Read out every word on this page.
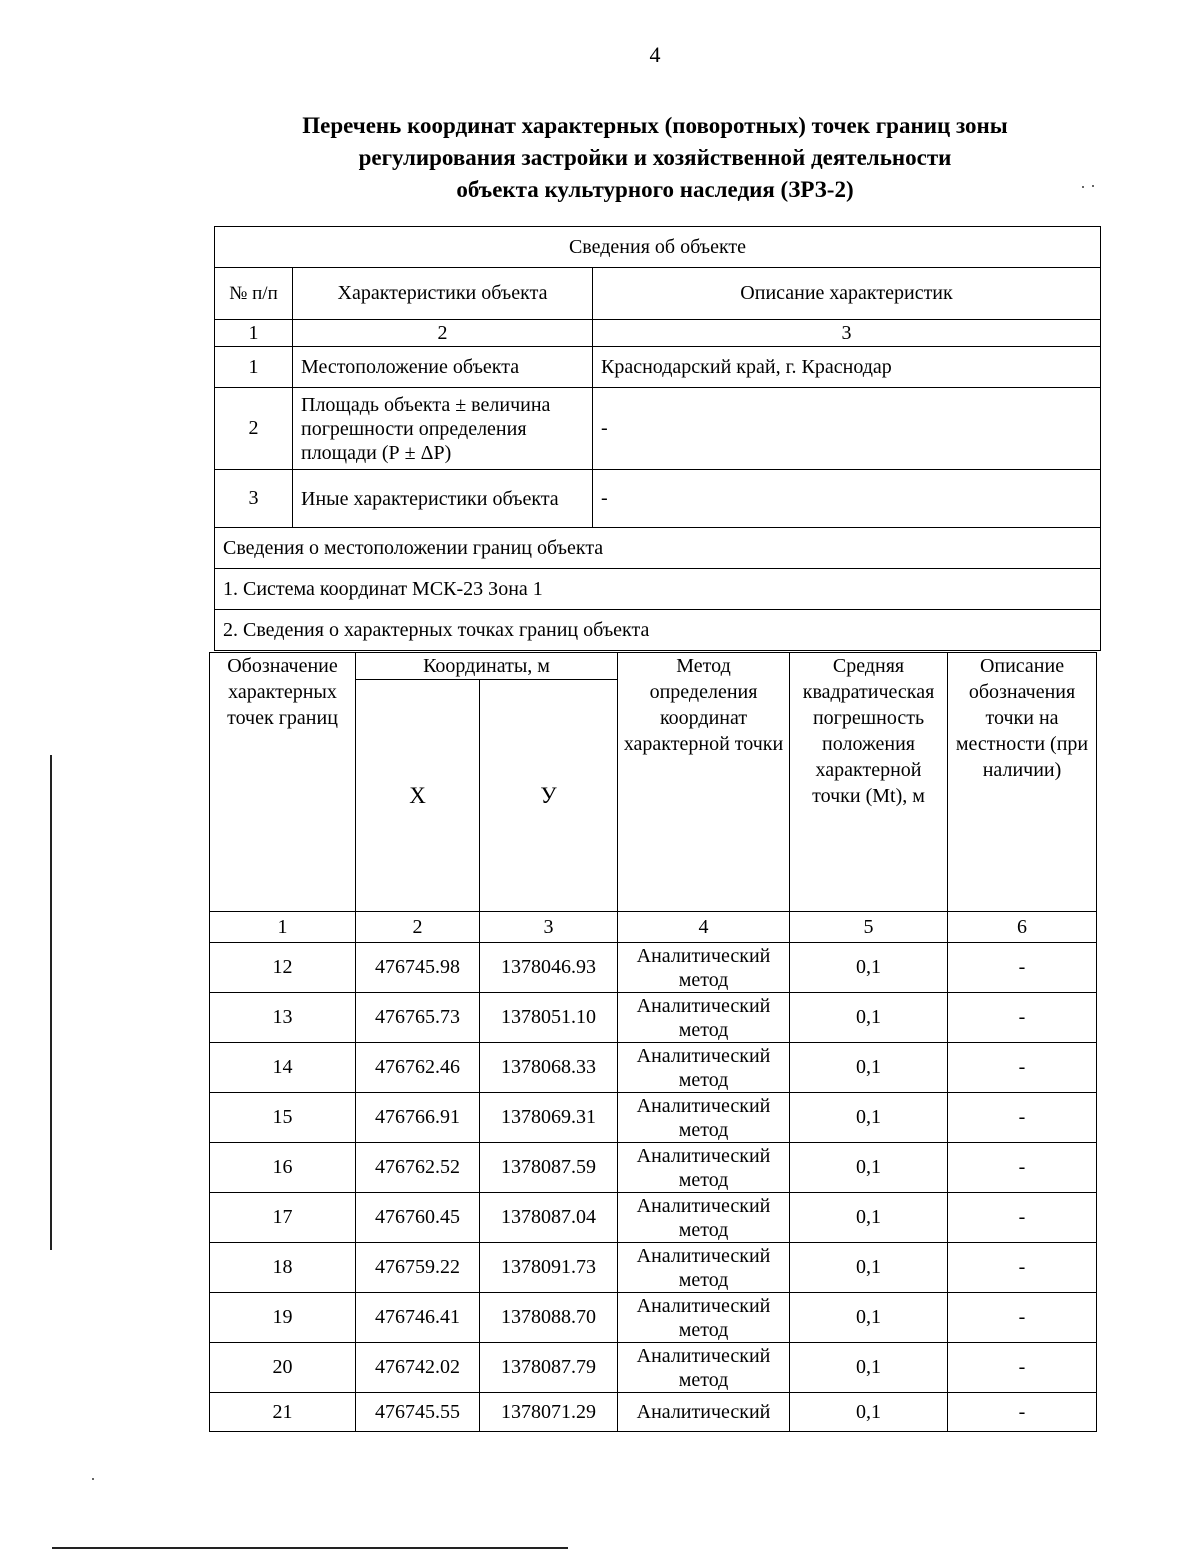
4
Перечень координат характерных (поворотных) точек границ зоны
регулирования застройки и хозяйственной деятельности
объекта культурного наследия (ЗРЗ-2)
Сведения об объекте		
№ п/п	Характеристики объекта	Описание характеристик
1	2	3
1	Местоположение объекта	Краснодарский край, г. Краснодар
2	Площадь объекта ± величина погрешности определения площади (Р ± ΔР)	-
3	Иные характеристики объекта	-
Сведения о местоположении границ объекта		
1. Система координат МСК-23 Зона 1		
2. Сведения о характерных точках границ объекта		
Обозначение характерных точек границ	Координаты, м		Метод определения координат характерной точки	Средняя квадратическая погрешность положения характерной точки (Mt), м	Описание обозначения точки на местности (при наличии)
	Х	У			
1	2	3	4	5	6
12	476745.98	1378046.93	Аналитический метод	0,1	-
13	476765.73	1378051.10	Аналитический метод	0,1	-
14	476762.46	1378068.33	Аналитический метод	0,1	-
15	476766.91	1378069.31	Аналитический метод	0,1	-
16	476762.52	1378087.59	Аналитический метод	0,1	-
17	476760.45	1378087.04	Аналитический метод	0,1	-
18	476759.22	1378091.73	Аналитический метод	0,1	-
19	476746.41	1378088.70	Аналитический метод	0,1	-
20	476742.02	1378087.79	Аналитический метод	0,1	-
21	476745.55	1378071.29	Аналитический	0,1	-
